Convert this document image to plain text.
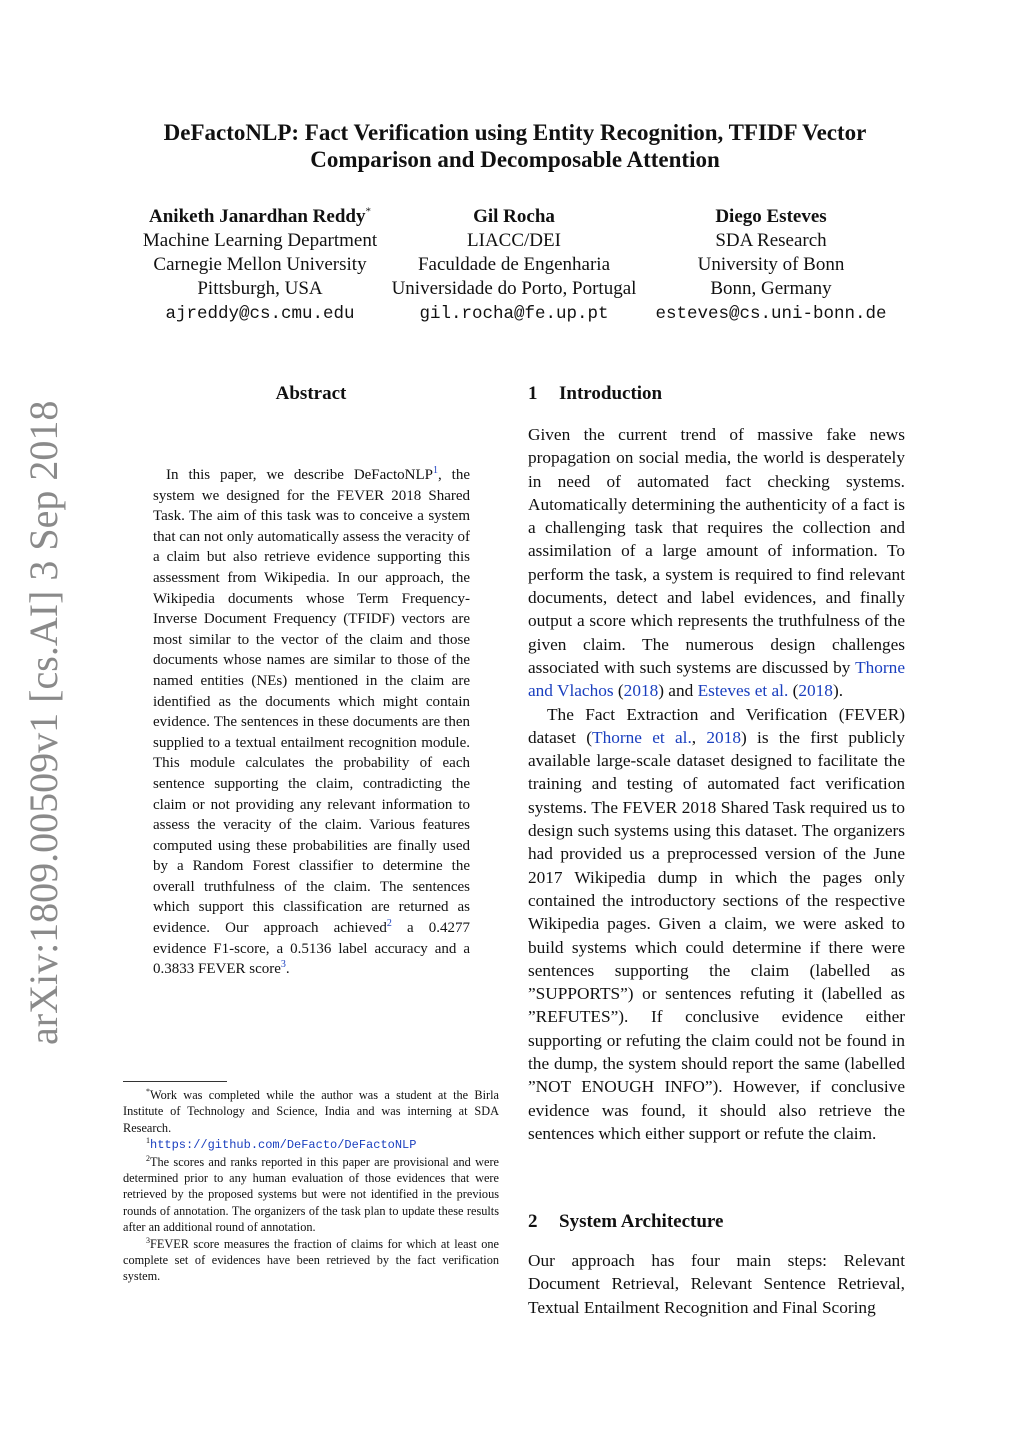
arXiv:1809.00509v1 [cs.AI] 3 Sep 2018
DeFactoNLP: Fact Verification using Entity Recognition, TFIDF Vector
Comparison and Decomposable Attention
Aniketh Janardhan Reddy*
Machine Learning Department
Carnegie Mellon University
Pittsburgh, USA
ajreddy@cs.cmu.edu
Gil Rocha
LIACC/DEI
Faculdade de Engenharia
Universidade do Porto, Portugal
gil.rocha@fe.up.pt
Diego Esteves
SDA Research
University of Bonn
Bonn, Germany
esteves@cs.uni-bonn.de
Abstract

In this paper, we describe DeFactoNLP$^1$, the system we designed for the FEVER 2018 Shared Task. The aim of this task was to conceive a system that can not only automatically assess the veracity of a claim but also retrieve evidence supporting this assessment from Wikipedia. In our approach, the Wikipedia documents whose Term Frequency-Inverse Document Frequency (TFIDF) vectors are most similar to the vector of the claim and those documents whose names are similar to those of the named entities (NEs) mentioned in the claim are identified as the documents which might contain evidence. The sentences in these documents are then supplied to a textual entailment recognition module. This module calculates the probability of each sentence supporting the claim, contradicting the claim or not providing any relevant information to assess the veracity of the claim. Various features computed using these probabilities are finally used by a Random Forest classifier to determine the overall truthfulness of the claim. The sentences which support this classification are returned as evidence. Our approach achieved$^2$ a 0.4277 evidence F1-score, a 0.5136 label accuracy and a 0.3833 FEVER score$^3$.

*Work was completed while the author was a student at the Birla Institute of Technology and Science, India and was interning at SDA Research.

$^1$https://github.com/DeFacto/DeFactoNLP

$^2$The scores and ranks reported in this paper are provisional and were determined prior to any human evaluation of those evidences that were retrieved by the proposed systems but were not identified in the previous rounds of annotation. The organizers of the task plan to update these results after an additional round of annotation.

$^3$FEVER score measures the fraction of claims for which at least one complete set of evidences have been retrieved by the fact verification system.

1 Introduction

Given the current trend of massive fake news propagation on social media, the world is desperately in need of automated fact checking systems. Automatically determining the authenticity of a fact is a challenging task that requires the collection and assimilation of a large amount of information. To perform the task, a system is required to find relevant documents, detect and label evidences, and finally output a score which represents the truthfulness of the given claim. The numerous design challenges associated with such systems are discussed by Thorne and Vlachos (2018) and Esteves et al. (2018).

The Fact Extraction and Verification (FEVER) dataset (Thorne et al., 2018) is the first publicly available large-scale dataset designed to facilitate the training and testing of automated fact verification systems. The FEVER 2018 Shared Task required us to design such systems using this dataset. The organizers had provided us a preprocessed version of the June 2017 Wikipedia dump in which the pages only contained the introductory sections of the respective Wikipedia pages. Given a claim, we were asked to build systems which could determine if there were sentences supporting the claim (labelled as ”SUPPORTS”) or sentences refuting it (labelled as ”REFUTES”). If conclusive evidence either supporting or refuting the claim could not be found in the dump, the system should report the same (labelled ”NOT ENOUGH INFO”). However, if conclusive evidence was found, it should also retrieve the sentences which either support or refute the claim.

2 System Architecture

Our approach has four main steps: Relevant Document Retrieval, Relevant Sentence Retrieval, Textual Entailment Recognition and Final Scoring
